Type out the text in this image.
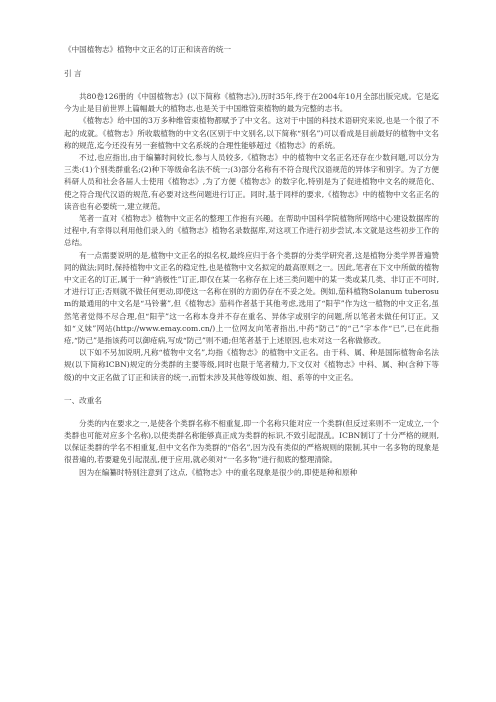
《中国植物志》植物中文正名的订正和读音的统一
引 言

共80卷126册的《中国植物志》(以下简称《植物志》),历时35年,终于在2004年10月全部出版完成。它是迄今为止是目前世界上篇幅最大的植物志,也是关于中国维管束植物的最为完整的志书。

《植物志》给中国的3万多种维管束植物都赋予了中文名。这对于中国的科技术语研究来说,也是一个很了不起的成就。《植物志》所收载植物的中文名(区别于中文别名,以下简称“别名”)可以看成是目前最好的植物中文名称的规范,迄今还没有另一套植物中文名系统的合理性能够超过《植物志》的系统。

不过,也应指出,由于编纂时间较长,参与人员较多,《植物志》中的植物中文名正名还存在少数问题,可以分为三类:(1)个别类群重名;(2)种下等级命名法不统一;(3)部分名称有不符合现代汉语规范的异体字和别字。为了方便科研人员和社会各届人士使用《植物志》,为了方便《植物志》的数字化,特别是为了促进植物中文名的规范化、使之符合现代汉语的规范,有必要对这些问题进行订正。同时,基于同样的要求,《植物志》中的植物中文名正名的读音也有必要统一,建立规范。

笔者一直对《植物志》植物中文正名的整理工作抱有兴趣。在帮助中国科学院植物所网络中心建设数据库的过程中,有幸得以利用他们录入的《植物志》植物名录数据库,对这项工作进行初步尝试,本文就是这些初步工作的总结。

有一点需要说明的是,植物中文正名的拟名权,最终应归于各个类群的分类学研究者,这是植物分类学界普遍赞同的做法;同时,保持植物中文正名的稳定性,也是植物中文名拟定的最高原则之一。因此,笔者在下文中所做的植物中文正名的订正,属于一种“消极性”订正,即仅在某一名称存在上述三类问题中的某一类或某几类、非订正不可时,才进行订正;否则就不做任何更动,即使这一名称在别的方面仍存在不妥之处。例如,茄科植物Solanum tuberosum的最通用的中文名是“马铃薯”,但《植物志》茄科作者基于其他考虑,选用了“阳芋”作为这一植物的中文正名,虽然笔者觉得不尽合理,但“阳芋”这一名称本身并不存在重名、异体字或别字的问题,所以笔者未做任何订正。又如“义妹”网站(http://www.emay.com.cn/)上一位网友向笔者指出,中药“防己”的“己”字本作“已”,已在此指疮,“防己”是指该药可以御疮病,写成“防己”则不通;但笔者基于上述原因,也未对这一名称做修改。

以下如不另加说明,凡称“植物中文名”,均指《植物志》的植物中文正名。由于科、属、种是国际植物命名法规(以下简称ICBN)规定的分类群的主要等级,同时也限于笔者精力,下文仅对《植物志》中科、属、种(含种下等级)的中文正名做了订正和读音的统一,而暂未涉及其他等级如族、组、系等的中文正名。

一、改重名

分类的内在要求之一,是使各个类群名称不相重复,即一个名称只能对应一个类群(但反过来则不一定成立,一个类群也可能对应多个名称),以使类群名称能够真正成为类群的标识,不致引起混乱。ICBN制订了十分严格的规则,以保证类群的学名不相重复,但中文名作为类群的“俗名”,因为没有类似的严格规则的限制,其中一名多物的现象是很普遍的,若要避免引起混乱,便于应用,就必须对“一名多物”进行彻底的整理清除。

因为在编纂时特别注意到了这点,《植物志》中的重名现象是很少的,即使是种和原种
